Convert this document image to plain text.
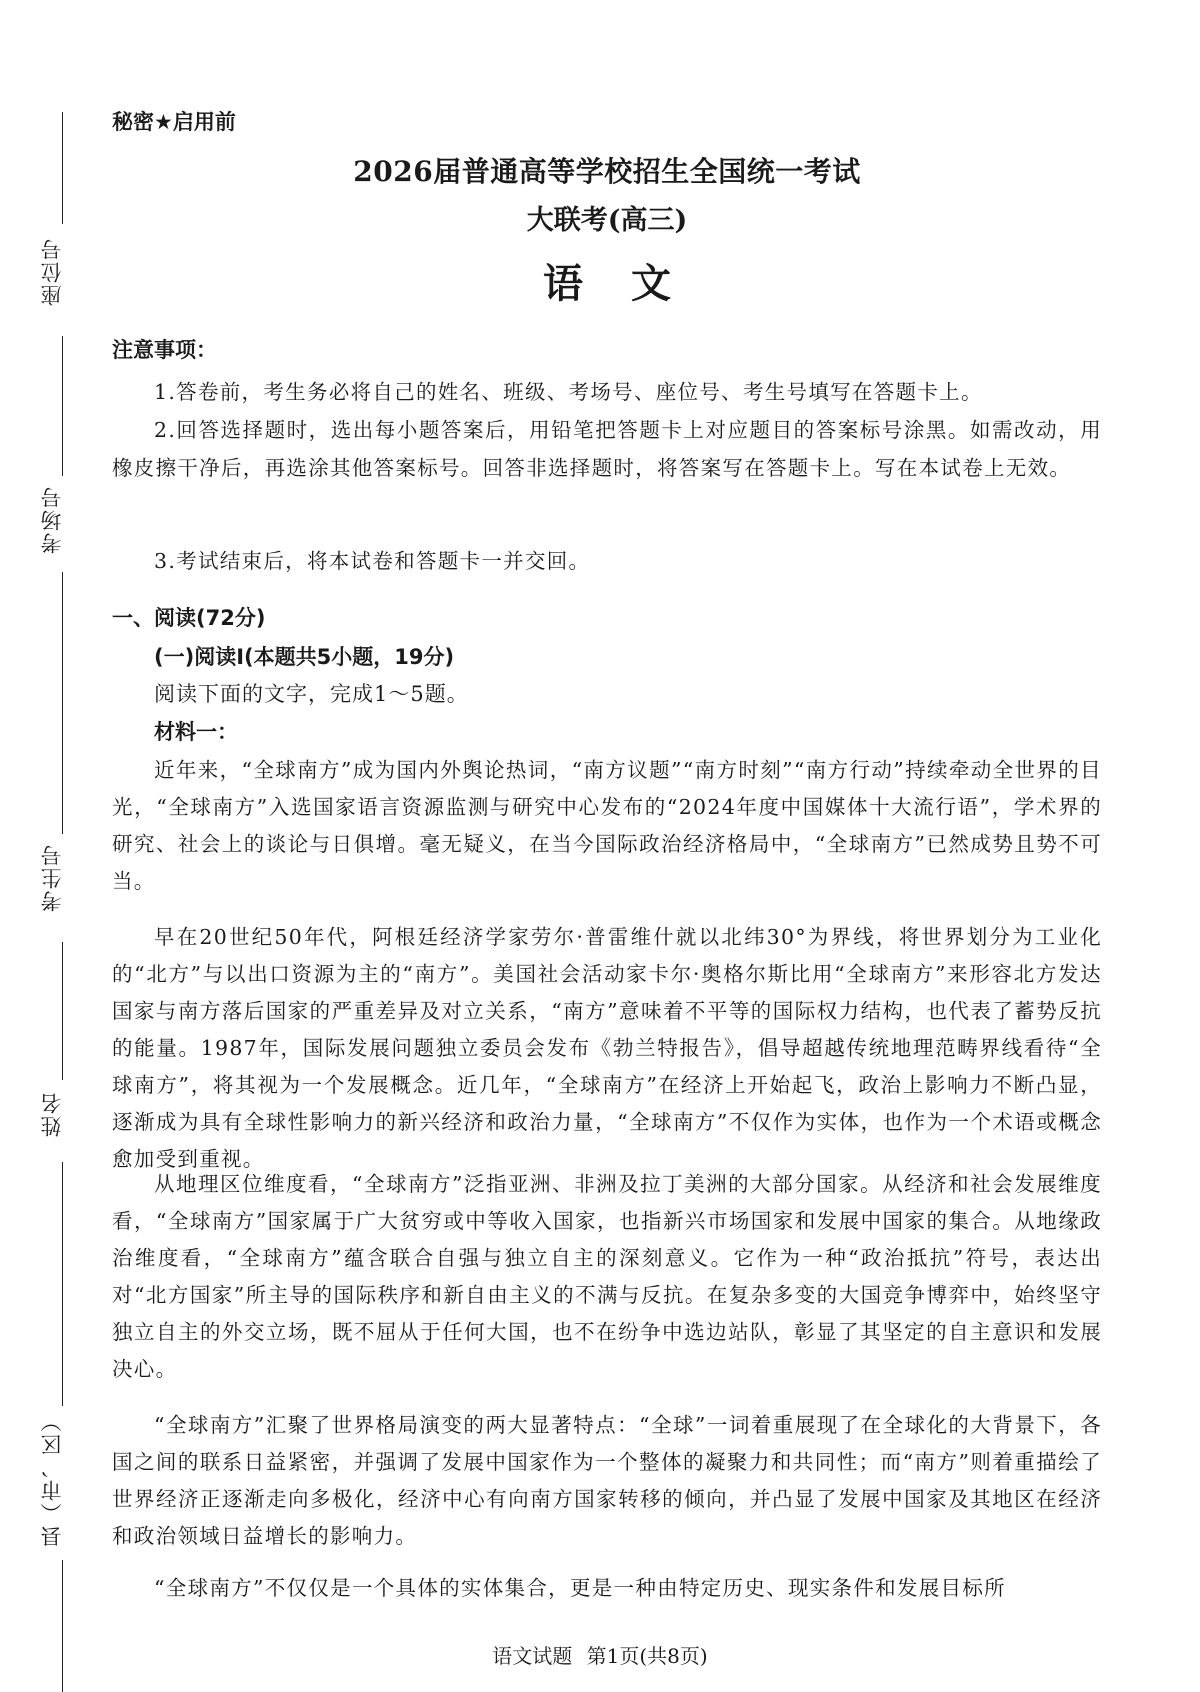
座位号
考场号
考生号
姓名
县（市、区）
秘密★启用前
2026届普通高等学校招生全国统一考试
大联考(高三)
语文
注意事项：
1.答卷前，考生务必将自己的姓名、班级、考场号、座位号、考生号填写在答题卡上。
2.回答选择题时，选出每小题答案后，用铅笔把答题卡上对应题目的答案标号涂黑。如需改动，用橡皮擦干净后，再选涂其他答案标号。回答非选择题时，将答案写在答题卡上。写在本试卷上无效。
3.考试结束后，将本试卷和答题卡一并交回。
一、阅读(72分)
(一)阅读Ⅰ(本题共5小题，19分)
阅读下面的文字，完成1～5题。
材料一：
近年来，“全球南方”成为国内外舆论热词，“南方议题”“南方时刻”“南方行动”持续牵动全世界的目光，“全球南方”入选国家语言资源监测与研究中心发布的“2024年度中国媒体十大流行语”，学术界的研究、社会上的谈论与日俱增。毫无疑义，在当今国际政治经济格局中，“全球南方”已然成势且势不可当。
早在20世纪50年代，阿根廷经济学家劳尔·普雷维什就以北纬30°为界线，将世界划分为工业化的“北方”与以出口资源为主的“南方”。美国社会活动家卡尔·奥格尔斯比用“全球南方”来形容北方发达国家与南方落后国家的严重差异及对立关系，“南方”意味着不平等的国际权力结构，也代表了蓄势反抗的能量。1987年，国际发展问题独立委员会发布《勃兰特报告》，倡导超越传统地理范畴界线看待“全球南方”，将其视为一个发展概念。近几年，“全球南方”在经济上开始起飞，政治上影响力不断凸显，逐渐成为具有全球性影响力的新兴经济和政治力量，“全球南方”不仅作为实体，也作为一个术语或概念愈加受到重视。
从地理区位维度看，“全球南方”泛指亚洲、非洲及拉丁美洲的大部分国家。从经济和社会发展维度看，“全球南方”国家属于广大贫穷或中等收入国家，也指新兴市场国家和发展中国家的集合。从地缘政治维度看，“全球南方”蕴含联合自强与独立自主的深刻意义。它作为一种“政治抵抗”符号，表达出对“北方国家”所主导的国际秩序和新自由主义的不满与反抗。在复杂多变的大国竞争博弈中，始终坚守独立自主的外交立场，既不屈从于任何大国，也不在纷争中选边站队，彰显了其坚定的自主意识和发展决心。
“全球南方”汇聚了世界格局演变的两大显著特点：“全球”一词着重展现了在全球化的大背景下，各国之间的联系日益紧密，并强调了发展中国家作为一个整体的凝聚力和共同性；而“南方”则着重描绘了世界经济正逐渐走向多极化，经济中心有向南方国家转移的倾向，并凸显了发展中国家及其地区在经济和政治领域日益增长的影响力。
“全球南方”不仅仅是一个具体的实体集合，更是一种由特定历史、现实条件和发展目标所
语文试题 第1页(共8页)
